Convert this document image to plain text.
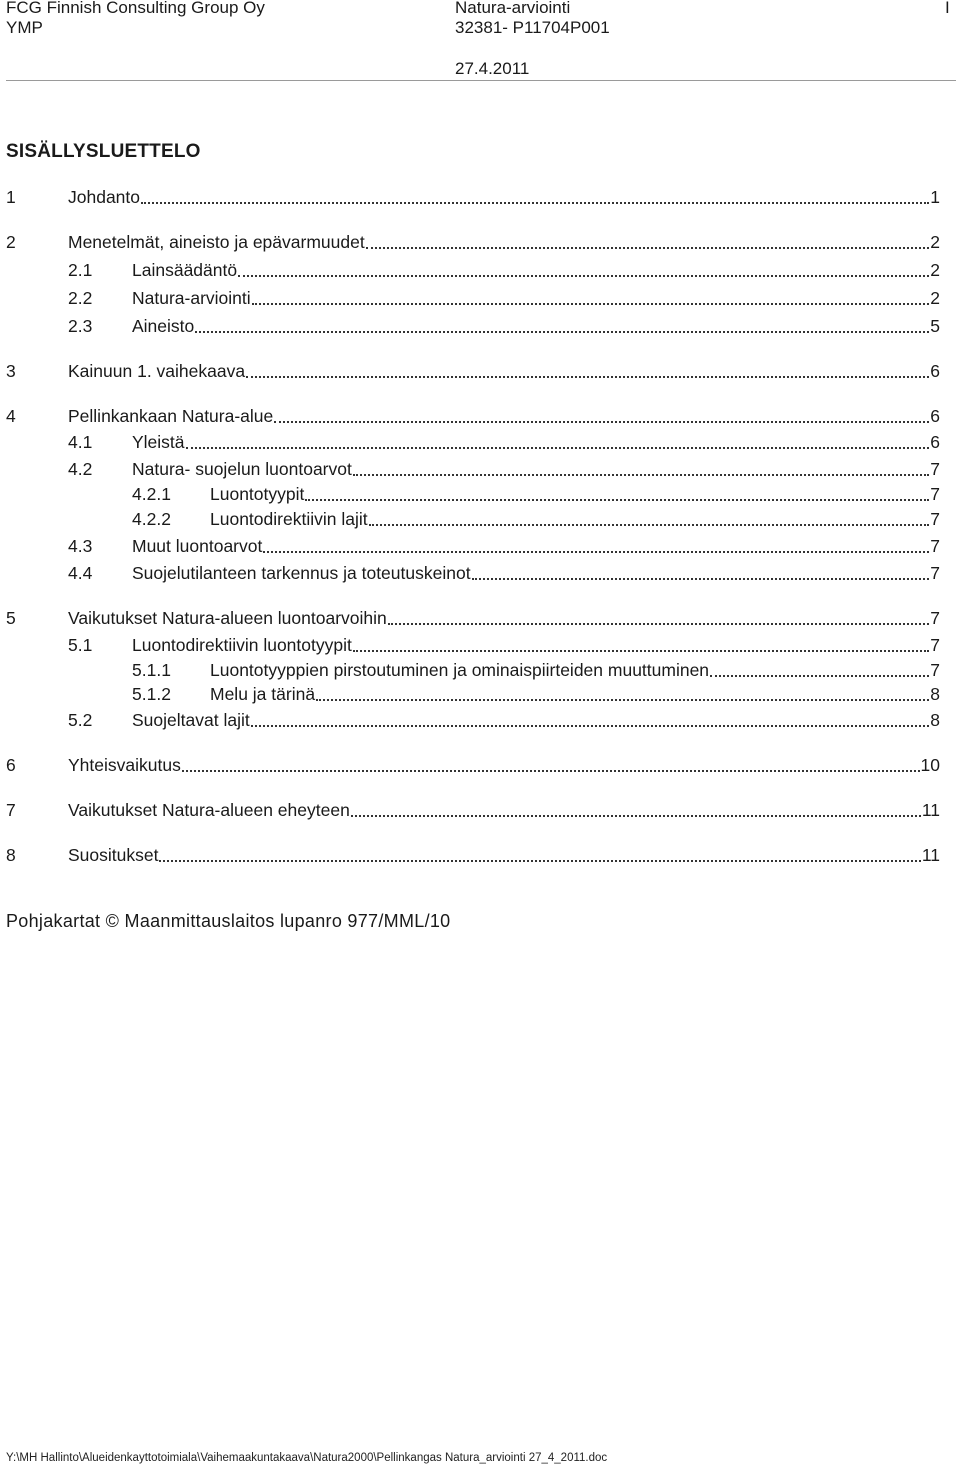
FCG Finnish Consulting Group Oy
YMP
Natura-arviointi
32381- P11704P001
27.4.2011
I
SISÄLLYSLUETTELO
1	Johdanto	1
2	Menetelmät, aineisto ja epävarmuudet	2
2.1 Lainsäädäntö	2
2.2 Natura-arviointi	2
2.3 Aineisto	5
3	Kainuun 1. vaihekaava	6
4	Pellinkankaan Natura-alue	6
4.1 Yleistä	6
4.2 Natura- suojelun luontoarvot	7
4.2.1 Luontotyypit	7
4.2.2 Luontodirektiivin lajit	7
4.3 Muut luontoarvot	7
4.4 Suojelutilanteen tarkennus ja toteutuskeinot	7
5	Vaikutukset Natura-alueen luontoarvoihin	7
5.1 Luontodirektiivin luontotyypit	7
5.1.1 Luontotyyppien pirstoutuminen ja ominaispiirteiden muuttuminen	7
5.1.2 Melu ja tärinä	8
5.2 Suojeltavat lajit	8
6	Yhteisvaikutus	10
7	Vaikutukset Natura-alueen eheyteen	11
8	Suositukset	11
Pohjakartat © Maanmittauslaitos lupanro 977/MML/10
Y:\MH Hallinto\Alueidenkayttotoimiala\Vaihemaakuntakaava\Natura2000\Pellinkangas Natura_arviointi 27_4_2011.doc
